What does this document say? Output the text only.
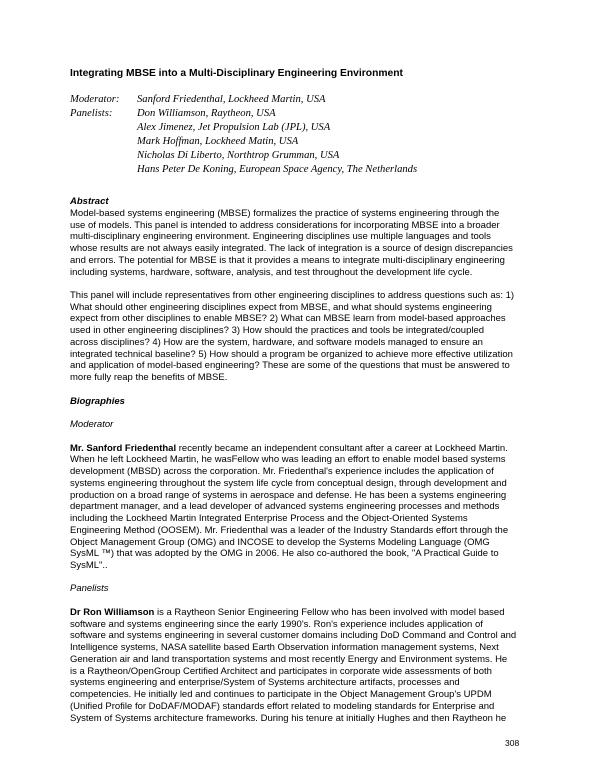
Integrating MBSE into a Multi-Disciplinary Engineering Environment
Moderator:	Sanford Friedenthal, Lockheed Martin, USA
Panelists:	Don Williamson, Raytheon, USA
Alex Jimenez, Jet Propulsion Lab (JPL), USA
Mark Hoffman, Lockheed Matin, USA
Nicholas Di Liberto, Northtrop Grumman, USA
Hans Peter De Koning, European Space Agency, The Netherlands
Abstract

Model-based systems engineering (MBSE) formalizes the practice of systems engineering through the
use of models. This panel is intended to address considerations for incorporating MBSE into a broader
multi-disciplinary engineering environment. Engineering disciplines use multiple languages and tools
whose results are not always easily integrated. The lack of integration is a source of design discrepancies
and errors. The potential for MBSE is that it provides a means to integrate multi-disciplinary engineering
including systems, hardware, software, analysis, and test throughout the development life cycle.

This panel will include representatives from other engineering disciplines to address questions such as: 1)
What should other engineering disciplines expect from MBSE, and what should systems engineering
expect from other disciplines to enable MBSE? 2) What can MBSE learn from model-based approaches
used in other engineering disciplines? 3) How should the practices and tools be integrated/coupled
across disciplines? 4) How are the system, hardware, and software models managed to ensure an
integrated technical baseline? 5) How should a program be organized to achieve more effective utilization
and application of model-based engineering? These are some of the questions that must be answered to
more fully reap the benefits of MBSE.

Biographies
Moderator

Mr. Sanford Friedenthal recently became an independent consultant after a career at Lockheed Martin.
When he left Lockheed Martin, he wasFellow who was leading an effort to enable model based systems
development (MBSD) across the corporation. Mr. Friedenthal's experience includes the application of
systems engineering throughout the system life cycle from conceptual design, through development and
production on a broad range of systems in aerospace and defense. He has been a systems engineering
department manager, and a lead developer of advanced systems engineering processes and methods
including the Lockheed Martin Integrated Enterprise Process and the Object-Oriented Systems
Engineering Method (OOSEM). Mr. Friedenthal was a leader of the Industry Standards effort through the
Object Management Group (OMG) and INCOSE to develop the Systems Modeling Language (OMG
SysML ™) that was adopted by the OMG in 2006. He also co-authored the book, "A Practical Guide to
SysML"..

Panelists

Dr Ron Williamson is a Raytheon Senior Engineering Fellow who has been involved with model based
software and systems engineering since the early 1990's. Ron's experience includes application of
software and systems engineering in several customer domains including DoD Command and Control and
Intelligence systems, NASA satellite based Earth Observation information management systems, Next
Generation air and land transportation systems and most recently Energy and Environment systems. He
is a Raytheon/OpenGroup Certified Architect and participates in corporate wide assessments of both
systems engineering and enterprise/System of Systems architecture artifacts, processes and
competencies. He initially led and continues to participate in the Object Management Group's UPDM
(Unified Profile for DoDAF/MODAF) standards effort related to modeling standards for Enterprise and
System of Systems architecture frameworks. During his tenure at initially Hughes and then Raytheon he

308
